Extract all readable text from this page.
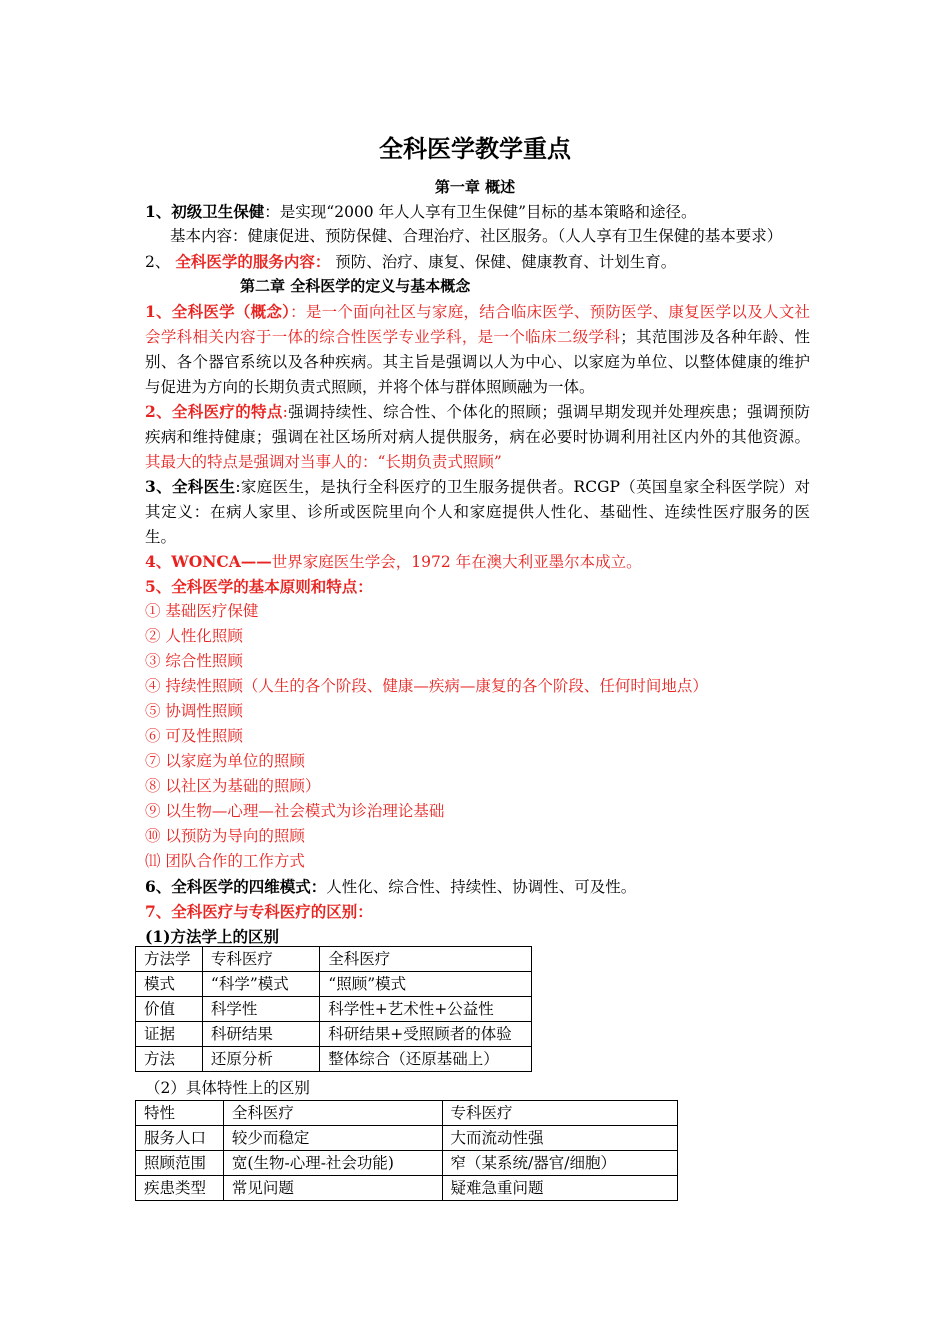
全科医学教学重点
第一章 概述
1、初级卫生保健：是实现“2000 年人人享有卫生保健”目标的基本策略和途径。
基本内容：健康促进、预防保健、合理治疗、社区服务。（人人享有卫生保健的基本要求）
2、 全科医学的服务内容： 预防、治疗、康复、保健、健康教育、计划生育。
第二章 全科医学的定义与基本概念
1、全科医学（概念）：是一个面向社区与家庭，结合临床医学、预防医学、康复医学以及人文社会学科相关内容于一体的综合性医学专业学科，是一个临床二级学科；其范围涉及各种年龄、性别、各个器官系统以及各种疾病。其主旨是强调以人为中心、以家庭为单位、以整体健康的维护与促进为方向的长期负责式照顾，并将个体与群体照顾融为一体。
2、全科医疗的特点:强调持续性、综合性、个体化的照顾；强调早期发现并处理疾患；强调预防疾病和维持健康；强调在社区场所对病人提供服务，病在必要时协调利用社区内外的其他资源。其最大的特点是强调对当事人的：“长期负责式照顾”
3、全科医生:家庭医生，是执行全科医疗的卫生服务提供者。RCGP（英国皇家全科医学院）对其定义：在病人家里、诊所或医院里向个人和家庭提供人性化、基础性、连续性医疗服务的医生。
4、WONCA——世界家庭医生学会，1972 年在澳大利亚墨尔本成立。
5、全科医学的基本原则和特点：
① 基础医疗保健
② 人性化照顾
③ 综合性照顾
④ 持续性照顾（人生的各个阶段、健康—疾病—康复的各个阶段、任何时间地点）
⑤ 协调性照顾
⑥ 可及性照顾
⑦ 以家庭为单位的照顾
⑧ 以社区为基础的照顾）
⑨ 以生物—心理—社会模式为诊治理论基础
⑩ 以预防为导向的照顾
⑾ 团队合作的工作方式
6、全科医学的四维模式：人性化、综合性、持续性、协调性、可及性。
7、全科医疗与专科医疗的区别：
(1)方法学上的区别
方法学	专科医疗	全科医疗
模式	“科学”模式	“照顾”模式
价值	科学性	科学性+艺术性+公益性
证据	科研结果	科研结果+受照顾者的体验
方法	还原分析	整体综合（还原基础上）
（2）具体特性上的区别
特性	全科医疗	专科医疗
服务人口	较少而稳定	大而流动性强
照顾范围	宽(生物-心理-社会功能)	窄（某系统/器官/细胞）
疾患类型	常见问题	疑难急重问题
